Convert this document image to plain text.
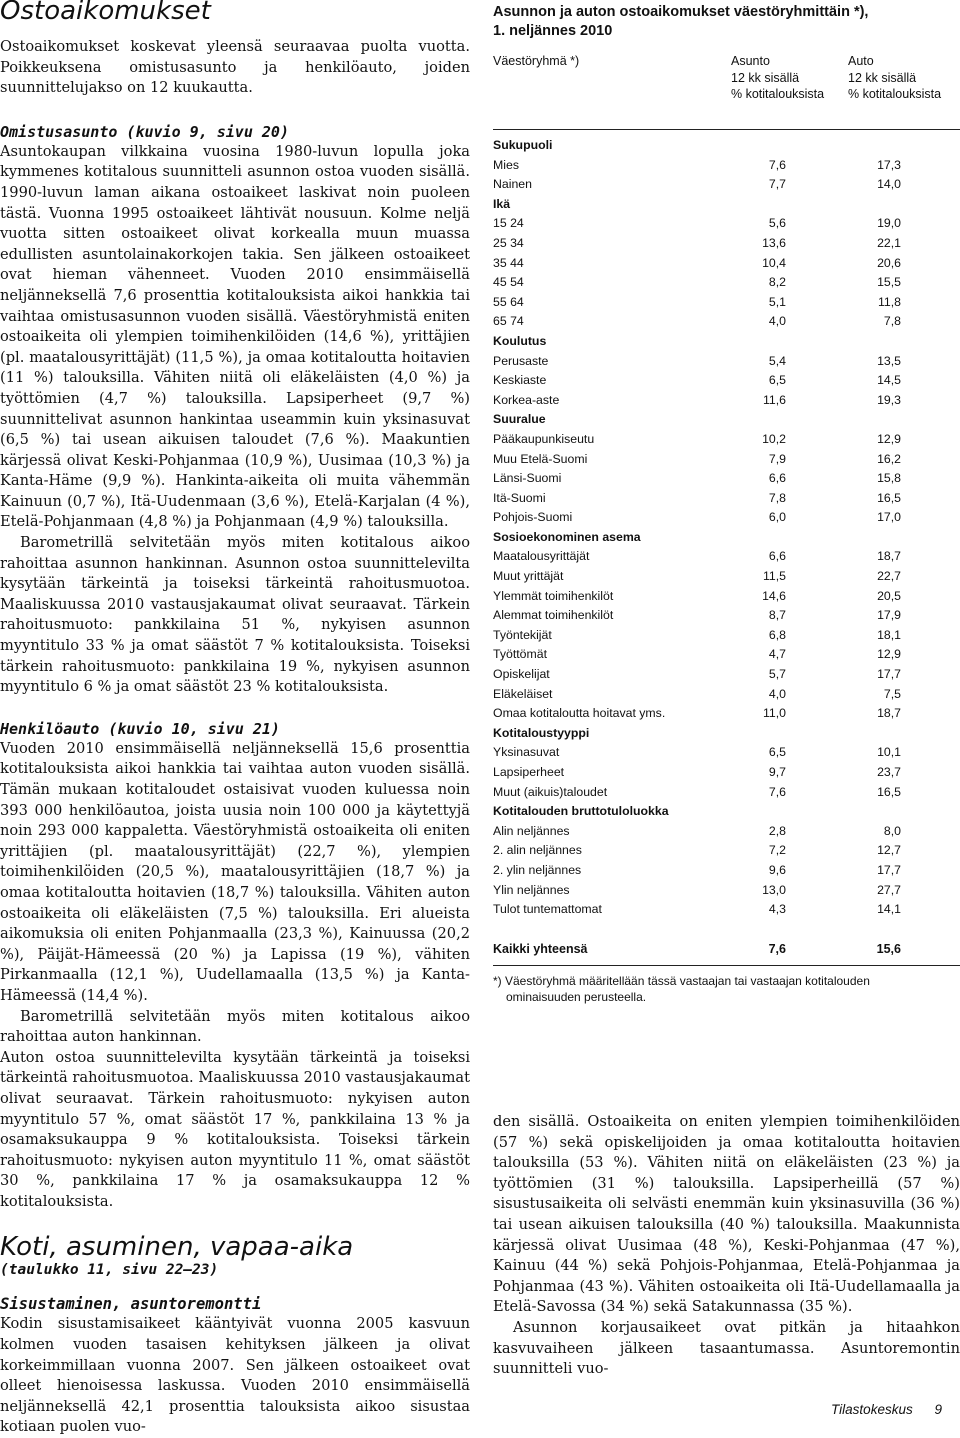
Ostoaikomukset

Ostoaikomukset koskevat yleensä seuraavaa puolta vuotta. Poikkeuksena omistusasunto ja henkilöauto, joiden suunnittelujakso on 12 kuukautta.

Omistusasunto (kuvio 9, sivu 20)

Asuntokaupan vilkkaina vuosina 1980-luvun lopulla joka kymmenes kotitalous suunnitteli asunnon ostoa vuoden sisällä. 1990-luvun laman aikana ostoaikeet laskivat noin puoleen tästä. Vuonna 1995 ostoaikeet lähtivät nousuun. Kolme neljä vuotta sitten ostoaikeet olivat korkealla muun muassa edullisten asuntolainakorkojen takia. Sen jälkeen ostoaikeet ovat hieman vähenneet. Vuoden 2010 ensimmäisellä neljänneksellä 7,6 prosenttia kotitalouksista aikoi hankkia tai vaihtaa omistusasunnon vuoden sisällä. Väestöryhmistä eniten ostoaikeita oli ylempien toimihenkilöiden (14,6 %), yrittäjien (pl. maatalousyrittäjät) (11,5 %), ja omaa kotitaloutta hoitavien (11 %) talouksilla. Vähiten niitä oli eläkeläisten (4,0 %) ja työttömien (4,7 %) talouksilla. Lapsiperheet (9,7 %) suunnittelivat asunnon hankintaa useammin kuin yksinasuvat (6,5 %) tai usean aikuisen taloudet (7,6 %). Maakuntien kärjessä olivat Keski-Pohjanmaa (10,9 %), Uusimaa (10,3 %) ja Kanta-Häme (9,9 %). Hankinta-aikeita oli muita vähemmän Kainuun (0,7 %), Itä-Uudenmaan (3,6 %), Etelä-Karjalan (4 %), Etelä-Pohjanmaan (4,8 %) ja Pohjanmaan (4,9 %) talouksilla.

Barometrillä selvitetään myös miten kotitalous aikoo rahoittaa asunnon hankinnan. Asunnon ostoa suunnittelevilta kysytään tärkeintä ja toiseksi tärkeintä rahoitusmuotoa. Maaliskuussa 2010 vastausjakaumat olivat seuraavat. Tärkein rahoitusmuoto: pankkilaina 51 %, nykyisen asunnon myyntitulo 33 % ja omat säästöt 7 % kotitalouksista. Toiseksi tärkein rahoitusmuoto: pankkilaina 19 %, nykyisen asunnon myyntitulo 6 % ja omat säästöt 23 % kotitalouksista.

Henkilöauto (kuvio 10, sivu 21)

Vuoden 2010 ensimmäisellä neljänneksellä 15,6 prosenttia kotitalouksista aikoi hankkia tai vaihtaa auton vuoden sisällä. Tämän mukaan kotitaloudet ostaisivat vuoden kuluessa noin 393 000 henkilöautoa, joista uusia noin 100 000 ja käytettyjä noin 293 000 kappaletta. Väestöryhmistä ostoaikeita oli eniten yrittäjien (pl. maatalousyrittäjät) (22,7 %), ylempien toimihenkilöiden (20,5 %), maatalousyrittäjien (18,7 %) ja omaa kotitaloutta hoitavien (18,7 %) talouksilla. Vähiten auton ostoaikeita oli eläkeläisten (7,5 %) talouksilla. Eri alueista aikomuksia oli eniten Pohjanmaalla (23,3 %), Kainuussa (20,2 %), Päijät-Hämeessä (20 %) ja Lapissa (19 %), vähiten Pirkanmaalla (12,1 %), Uudellamaalla (13,5 %) ja Kanta-Hämeessä (14,4 %).

Barometrillä selvitetään myös miten kotitalous aikoo rahoittaa auton hankinnan.

Auton ostoa suunnittelevilta kysytään tärkeintä ja toiseksi tärkeintä rahoitusmuotoa. Maaliskuussa 2010 vastausjakaumat olivat seuraavat. Tärkein rahoitusmuoto: nykyisen auton myyntitulo 57 %, omat säästöt 17 %, pankkilaina 13 % ja osamaksukauppa 9 % kotitalouksista. Toiseksi tärkein rahoitusmuoto: nykyisen auton myyntitulo 11 %, omat säästöt 30 %, pankkilaina 17 % ja osamaksukauppa 12 % kotitalouksista.

Koti, asuminen, vapaa-aika

(taulukko 11, sivu 22–23)

Sisustaminen, asuntoremontti

Kodin sisustamisaikeet kääntyivät vuonna 2005 kasvuun kolmen vuoden tasaisen kehityksen jälkeen ja olivat korkeimmillaan vuonna 2007. Sen jälkeen ostoaikeet ovat olleet hienoisessa laskussa. Vuoden 2010 ensimmäisellä neljänneksellä 42,1 prosenttia talouksista aikoo sisustaa kotiaan puolen vuo-

Asunnon ja auton ostoaikomukset väestöryhmittäin *),

1. neljännes 2010

Väestöryhmä *)	Asunto
12 kk sisällä
% kotitalouksista
Auto
12 kk sisällä
% kotitalouksista
Sukupuoli
Mies	7,6	17,3
Nainen	7,7	14,0
Ikä
15 24	5,6	19,0
25 34	13,6	22,1
35 44	10,4	20,6
45 54	8,2	15,5
55 64	5,1	11,8
65 74	4,0	7,8
Koulutus
Perusaste	5,4	13,5
Keskiaste	6,5	14,5
Korkea-aste	11,6	19,3
Suuralue
Pääkaupunkiseutu	10,2	12,9
Muu Etelä-Suomi	7,9	16,2
Länsi-Suomi	6,6	15,8
Itä-Suomi	7,8	16,5
Pohjois-Suomi	6,0	17,0
Sosioekonominen asema
Maatalousyrittäjät	6,6	18,7
Muut yrittäjät	11,5	22,7
Ylemmät toimihenkilöt	14,6	20,5
Alemmat toimihenkilöt	8,7	17,9
Työntekijät	6,8	18,1
Työttömät	4,7	12,9
Opiskelijat	5,7	17,7
Eläkeläiset	4,0	7,5
Omaa kotitaloutta hoitavat yms.	11,0	18,7
Kotitaloustyyppi
Yksinasuvat	6,5	10,1
Lapsiperheet	9,7	23,7
Muut (aikuis)taloudet	7,6	16,5
Kotitalouden bruttotuloluokka
Alin neljännes	2,8	8,0
2. alin neljännes	7,2	12,7
2. ylin neljännes	9,6	17,7
Ylin neljännes	13,0	27,7
Tulot tuntemattomat	4,3	14,1
Kaikki yhteensä	7,6	15,6
*) Väestöryhmä määritellään tässä vastaajan tai vastaajan kotitalouden
ominaisuuden perusteella.

den sisällä. Ostoaikeita on eniten ylempien toimihenkilöiden (57 %) sekä opiskelijoiden ja omaa kotitaloutta hoitavien talouksilla (53 %). Vähiten niitä on eläkeläisten (23 %) ja työttömien (31 %) talouksilla. Lapsiperheillä (57 %) sisustusaikeita oli selvästi enemmän kuin yksinasuvilla (36 %) tai usean aikuisen talouksilla (40 %) talouksilla. Maakunnista kärjessä olivat Uusimaa (48 %), Keski-Pohjanmaa (47 %), Kainuu (44 %) sekä Pohjois-Pohjanmaa, Etelä-Pohjanmaa ja Pohjanmaa (43 %). Vähiten ostoaikeita oli Itä-Uudellamaalla ja Etelä-Savossa (34 %) sekä Satakunnassa (35 %).

Asunnon korjausaikeet ovat pitkän ja hitaahkon kasvuvaiheen jälkeen tasaantumassa. Asuntoremontin suunnitteli vuo-

Tilastokeskus 9
